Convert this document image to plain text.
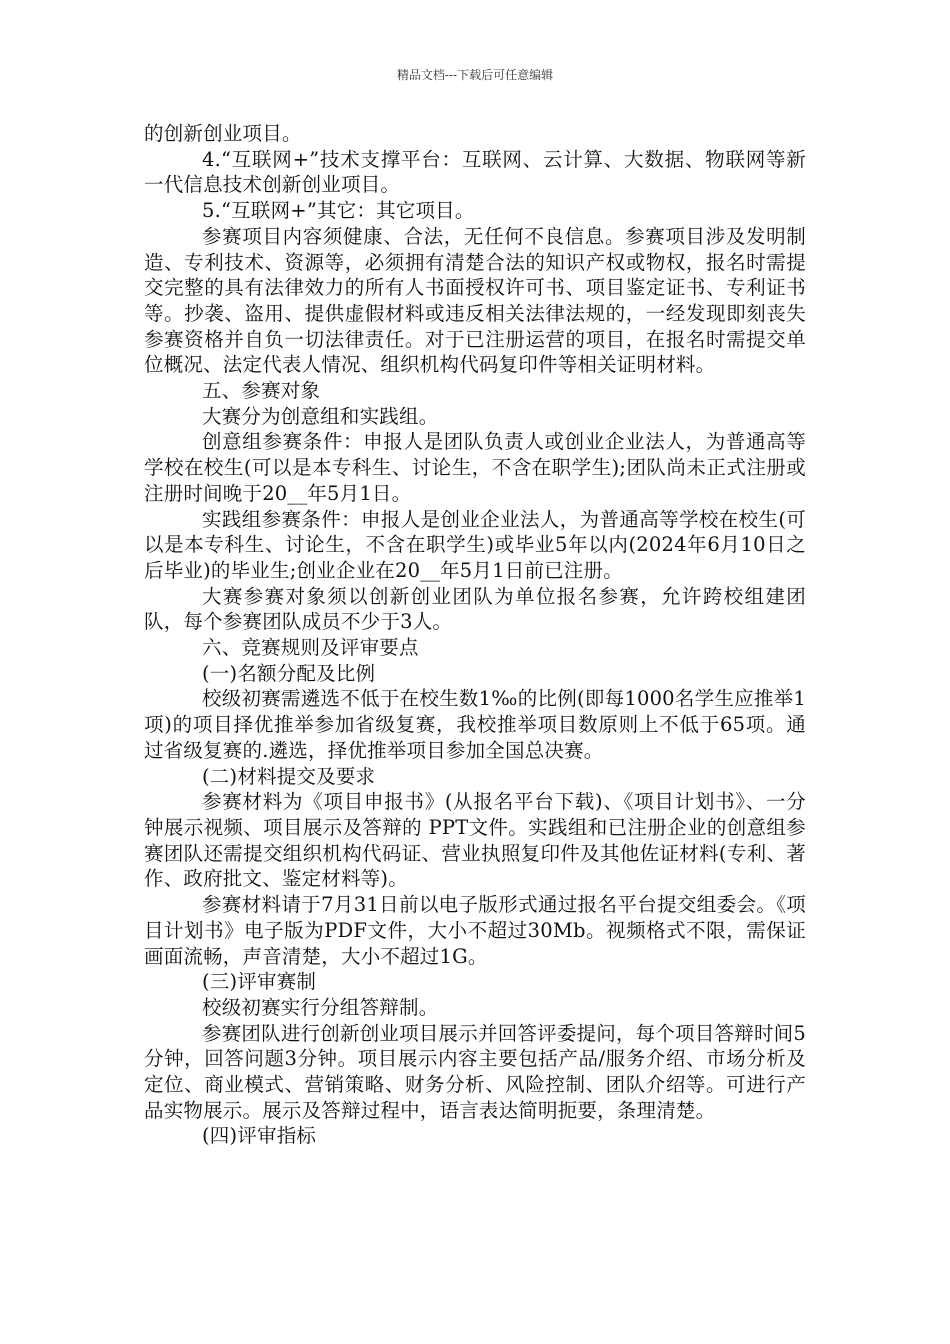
精品文档---下载后可任意编辑

的创新创业项目。

4.“互联网+”技术支撑平台：互联网、云计算、大数据、物联网等新一代信息技术创新创业项目。

5.“互联网+”其它：其它项目。

参赛项目内容须健康、合法，无任何不良信息。参赛项目涉及发明制造、专利技术、资源等，必须拥有清楚合法的知识产权或物权，报名时需提交完整的具有法律效力的所有人书面授权许可书、项目鉴定证书、专利证书等。抄袭、盗用、提供虚假材料或违反相关法律法规的，一经发现即刻丧失参赛资格并自负一切法律责任。对于已注册运营的项目，在报名时需提交单位概况、法定代表人情况、组织机构代码复印件等相关证明材料。

五、参赛对象

大赛分为创意组和实践组。

创意组参赛条件：申报人是团队负责人或创业企业法人，为普通高等学校在校生(可以是本专科生、讨论生，不含在职学生);团队尚未正式注册或注册时间晚于20__年5月1日。

实践组参赛条件：申报人是创业企业法人，为普通高等学校在校生(可以是本专科生、讨论生，不含在职学生)或毕业5年以内(2024年6月10日之后毕业)的毕业生;创业企业在20__年5月1日前已注册。

大赛参赛对象须以创新创业团队为单位报名参赛，允许跨校组建团队，每个参赛团队成员不少于3人。

六、竞赛规则及评审要点

(一)名额分配及比例

校级初赛需遴选不低于在校生数1‰的比例(即每1000名学生应推举1项)的项目择优推举参加省级复赛，我校推举项目数原则上不低于65项。通过省级复赛的.遴选，择优推举项目参加全国总决赛。

(二)材料提交及要求

参赛材料为《项目申报书》(从报名平台下载)、《项目计划书》、一分钟展示视频、项目展示及答辩的 PPT文件。实践组和已注册企业的创意组参赛团队还需提交组织机构代码证、营业执照复印件及其他佐证材料(专利、著作、政府批文、鉴定材料等)。

参赛材料请于7月31日前以电子版形式通过报名平台提交组委会。《项目计划书》电子版为PDF文件，大小不超过30Mb。视频格式不限，需保证画面流畅，声音清楚，大小不超过1G。

(三)评审赛制

校级初赛实行分组答辩制。

参赛团队进行创新创业项目展示并回答评委提问，每个项目答辩时间5分钟，回答问题3分钟。项目展示内容主要包括产品/服务介绍、市场分析及定位、商业模式、营销策略、财务分析、风险控制、团队介绍等。可进行产品实物展示。展示及答辩过程中，语言表达简明扼要，条理清楚。

(四)评审指标
